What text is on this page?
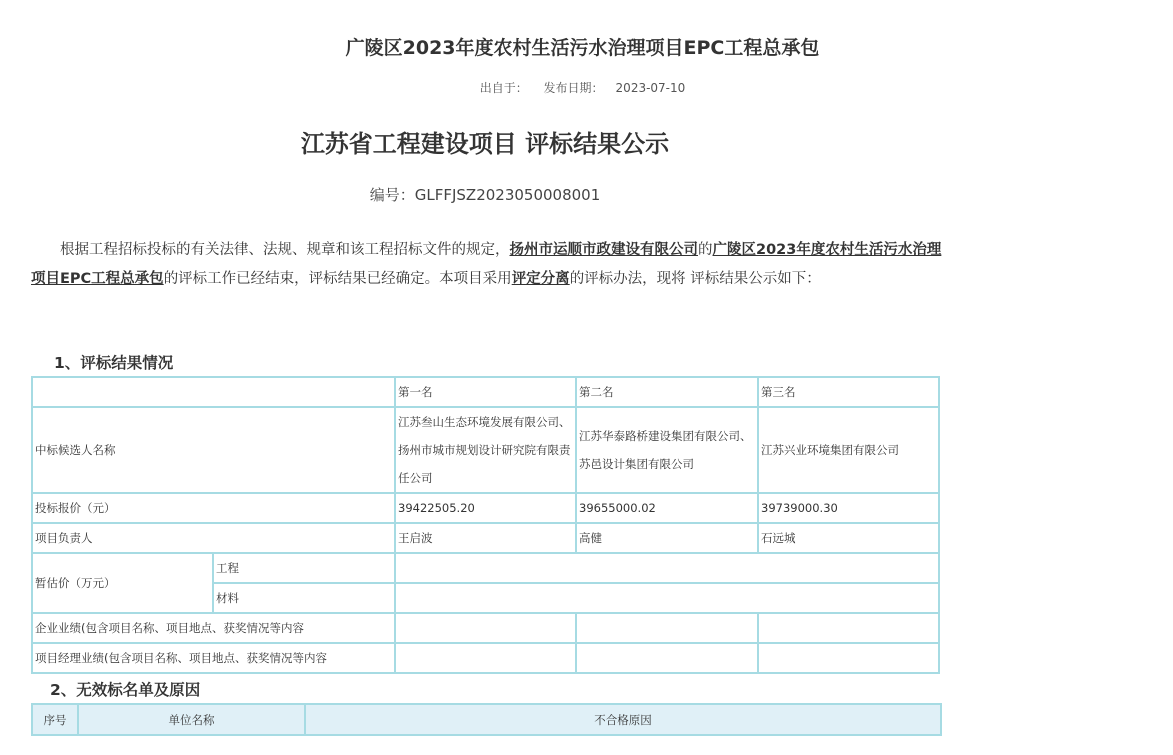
广陵区2023年度农村生活污水治理项目EPC工程总承包
出自于： 发布日期： 2023-07-10
江苏省工程建设项目 评标结果公示
编号：GLFFJSZ2023050008001
根据工程招标投标的有关法律、法规、规章和该工程招标文件的规定，扬州市运顺市政建设有限公司的广陵区2023年度农村生活污水治理项目EPC工程总承包的评标工作已经结束，评标结果已经确定。本项目采用评定分离的评标办法，现将 评标结果公示如下：
1、评标结果情况
		第一名	第二名	第三名
中标候选人名称		江苏叁山生态环境发展有限公司、扬州市城市规划设计研究院有限责任公司	江苏华泰路桥建设集团有限公司、苏邑设计集团有限公司	江苏兴业环境集团有限公司
投标报价（元）		39422505.20	39655000.02	39739000.30
项目负责人		王启波	高健	石远城
暂估价（万元）	工程			
	材料			
企业业绩(包含项目名称、项目地点、获奖情况等内容				
项目经理业绩(包含项目名称、项目地点、获奖情况等内容				
2、无效标名单及原因
序号	单位名称	不合格原因
